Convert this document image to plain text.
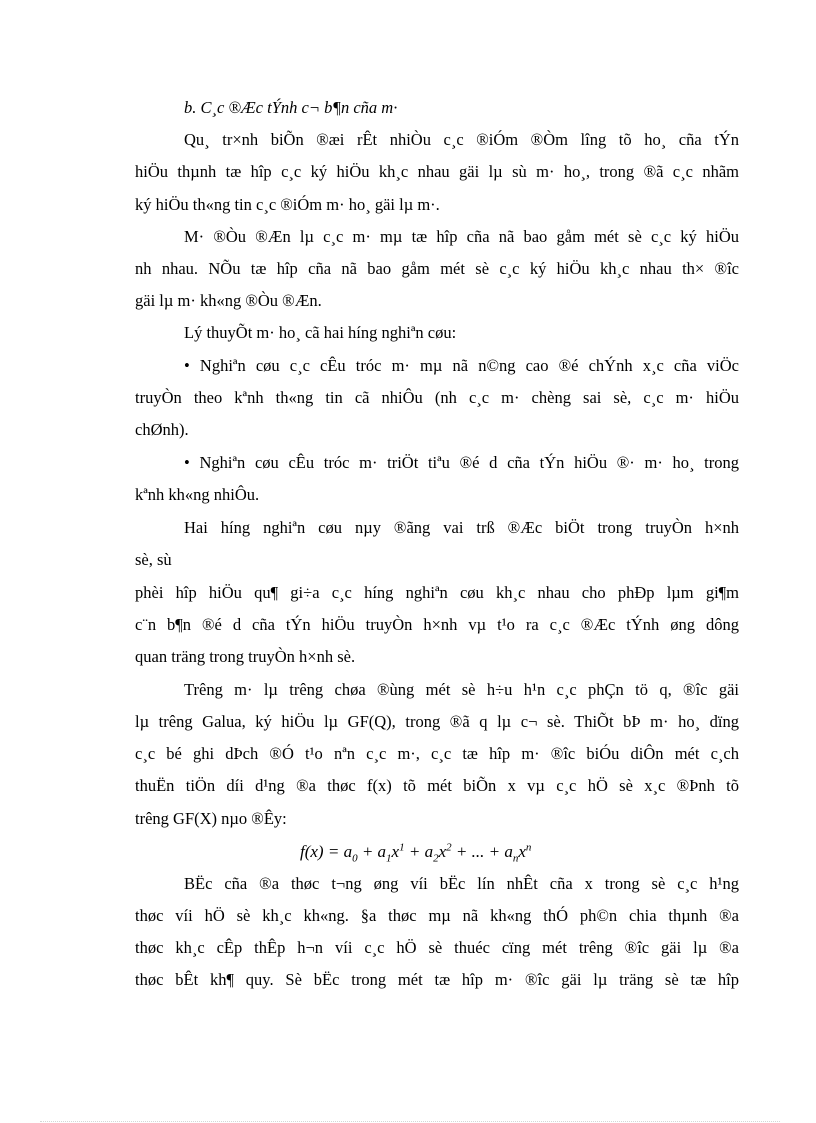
b. C¸c ®Æc tÝnh c¬ b¶n cña m·
Qu¸ tr×nh biÕn ®æi rÊt nhiÒu c¸c ®iÓm ®Òm lîng tõ ho¸ cña tÝn
hiÖu thµnh tæ hîp c¸c ký hiÖu kh¸c nhau gäi lµ sù m· ho¸, trong ®ã c¸c nhãm
ký hiÖu th«ng tin c¸c ®iÓm m· ho¸ gäi lµ m·.
M· ®Òu ®Æn lµ c¸c m· mµ tæ hîp cña nã bao gåm mét sè c¸c ký hiÖu
nh nhau. NÕu tæ hîp cña nã bao gåm mét sè c¸c ký hiÖu kh¸c nhau th× ®îc
gäi lµ m· kh«ng ®Òu ®Æn.
Lý thuyÕt m· ho¸ cã hai híng nghiªn cøu:
• Nghiªn cøu c¸c cÊu tróc m· mµ nã n©ng cao ®é chÝnh x¸c cña viÖc
truyÒn theo kªnh th«ng tin cã nhiÔu (nh c¸c m· chèng sai sè, c¸c m· hiÖu
chØnh).
• Nghiªn cøu cÊu tróc m· triÖt tiªu ®é d cña tÝn hiÖu ®· m· ho¸ trong
kªnh kh«ng nhiÔu.
Hai híng nghiªn cøu nµy ®ãng vai trß ®Æc biÖt trong truyÒn h×nh
sè, sù
phèi hîp hiÖu qu¶ gi÷a c¸c híng nghiªn cøu kh¸c nhau cho phÐp lµm gi¶m
c¨n b¶n ®é d cña tÝn hiÖu truyÒn h×nh vµ t¹o ra c¸c ®Æc tÝnh øng dông
quan träng trong truyÒn h×nh sè.
Trêng m· lµ trêng chøa ®ùng mét sè h÷u h¹n c¸c phÇn tö q, ®îc gäi
lµ trêng Galua, ký hiÖu lµ GF(Q), trong ®ã q lµ c¬ sè. ThiÕt bÞ m· ho¸ dïng
c¸c bé ghi dÞch ®Ó t¹o nªn c¸c m·, c¸c tæ hîp m· ®îc biÓu diÔn mét c¸ch
thuËn tiÖn díi d¹ng ®a thøc f(x) tõ mét biÕn x vµ c¸c hÖ sè x¸c ®Þnh tõ
trêng GF(X) nµo ®Êy:
$f(x) = a_0 + a_1x^1 + a_2x^2$ + ... + $a_nx^n$
BËc cña ®a thøc t¬ng øng víi bËc lín nhÊt cña x trong sè c¸c h¹ng
thøc víi hÖ sè kh¸c kh«ng. §a thøc mµ nã kh«ng thÓ ph©n chia thµnh ®a
thøc kh¸c cÊp thÊp h¬n víi c¸c hÖ sè thuéc cïng mét trêng ®îc gäi lµ ®a
thøc bÊt kh¶ quy. Sè bËc trong mét tæ hîp m· ®îc gäi lµ träng sè tæ hîp
